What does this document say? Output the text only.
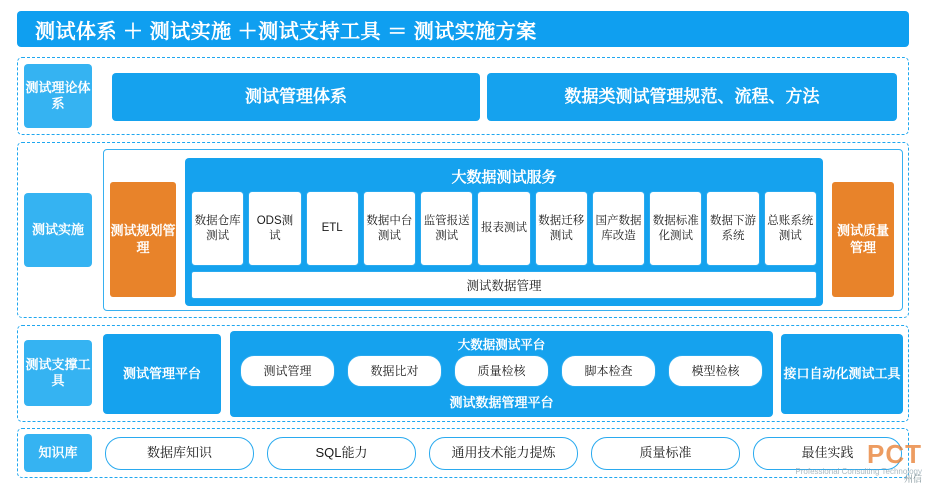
测试体系 ＋ 测试实施 ＋测试支持工具 ＝ 测试实施方案
测试理论体系	测试管理体系	数据类测试管理规范、流程、方法
测试实施	测试规划管理
测试质量管理
大数据测试服务
数据仓库测试
ODS测试
ETL
数据中台测试
监管报送测试
报表测试
数据迁移测试
国产数据库改造
数据标准化测试
数据下游系统
总账系统测试
测试数据管理
测试支撑工具	测试管理平台
大数据测试平台
测试管理	数据比对	质量检核	脚本检查	模型检核
测试数据管理平台
接口自动化测试工具
知识库	数据库知识	SQL能力	通用技术能力提炼	质量标准	最佳实践 PCT
Professional Consulting Technology
州信
